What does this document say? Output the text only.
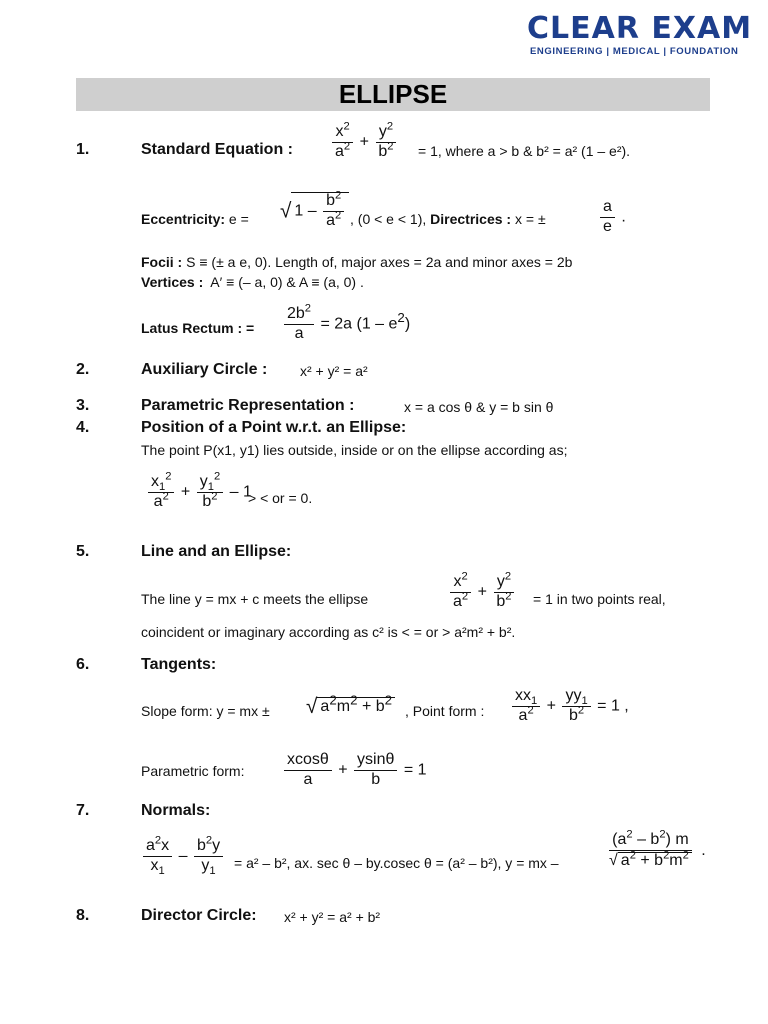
CLEAR EXAM
ENGINEERING | MEDICAL | FOUNDATION
ELLIPSE
1.	Standard Equation : $\frac{x^2}{a^2} + \frac{y^2}{b^2} = 1$, where a > b & b² = a² (1 – e²).
Eccentricity: e = √ $1 - \frac{b^2}{a^2}$ , (0 < e < 1), Directrices : x = ±	$\frac{a}{e}$ .
Focii : S ≡ (± a e, 0). Length of, major axes = 2a and minor axes = 2b
Vertices : A′ ≡ (– a, 0) & A ≡ (a, 0) .
Latus Rectum : = $\frac{2b^2}{a} = 2a$ $(1 - e^2)$
2.	Auxiliary Circle : x² + y² = a²
3.	Parametric Representation :	x = a cos θ & y = b sin θ
4.	Position of a Point w.r.t. an Ellipse:
The point P(x1, y1) lies outside, inside or on the ellipse according as;
$\frac{x_1^2}{a^2} + \frac{y_1^2}{b^2} - 1$
> < or = 0.
5.	Line and an Ellipse:
The line y = mx + c meets the ellipse	$\frac{x^2}{a^2} + \frac{y^2}{b^2} = 1$ in two points real,
coincident or imaginary according as c² is < = or > a²m² + b².
6.	Tangents:
Slope form: y = mx ± √ $a^2m^2 + b^2$
, Point form : $\frac{xx_1}{a^2} + \frac{yy_1}{b^2} = 1$ ,
Parametric form: $\frac{xcos\theta}{a} + \frac{ysin\theta}{b} = 1$
7.	Normals:
$\frac{a^2x}{x_1} - \frac{b^2y}{y_1} = a^2 - b^2$, ax. sec θ – by.cosec θ = (a² – b²), y = mx –	$\frac{(a^2 - b^2) m}{√ a^2 + b^2m^2}$ .
8.	Director Circle: x² + y² = a² + b²
